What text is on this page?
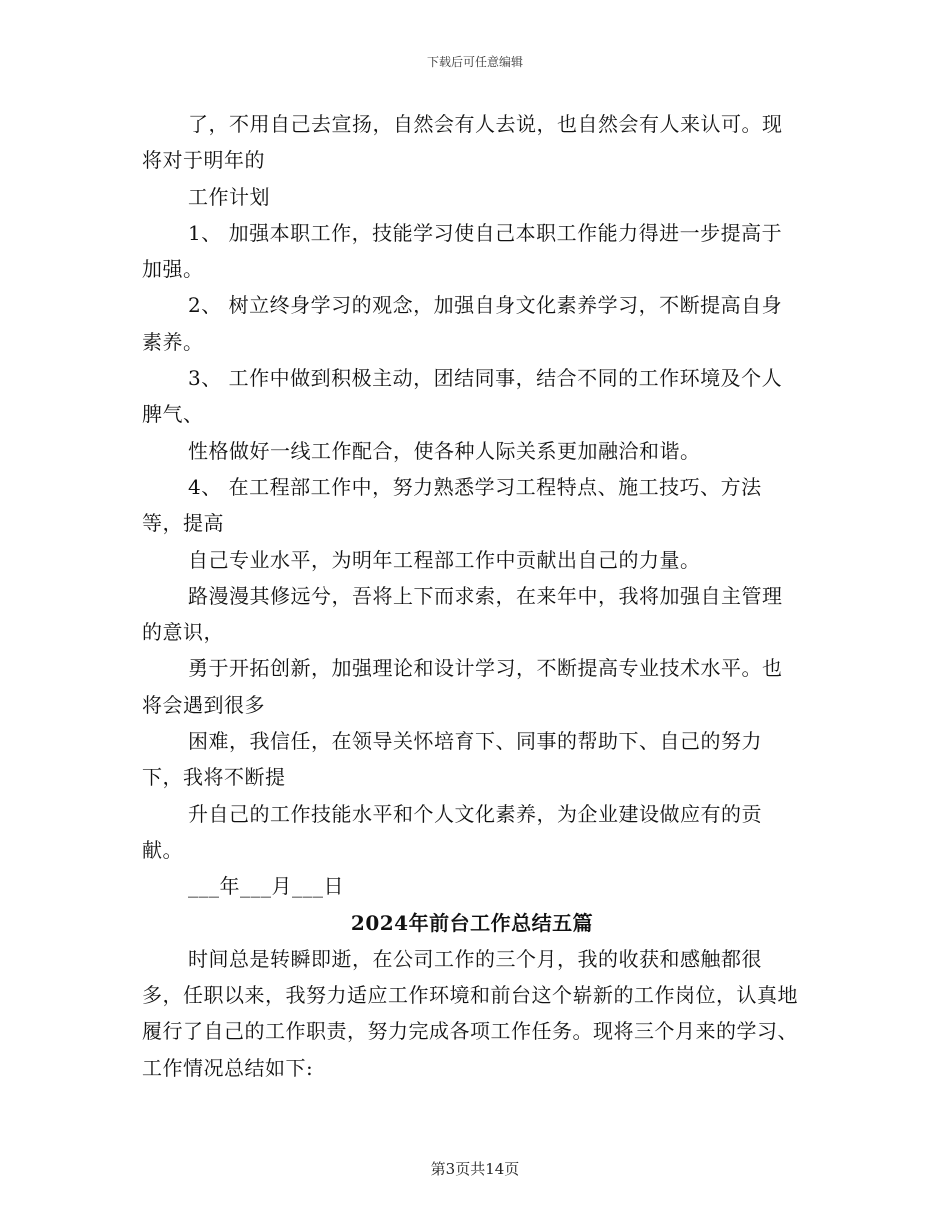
下载后可任意编辑

了，不用自己去宣扬，自然会有人去说，也自然会有人来认可。现将对于明年的

工作计划

1、 加强本职工作，技能学习使自己本职工作能力得进一步提高于加强。

2、 树立终身学习的观念，加强自身文化素养学习，不断提高自身素养。

3、 工作中做到积极主动，团结同事，结合不同的工作环境及个人脾气、

性格做好一线工作配合，使各种人际关系更加融洽和谐。

4、 在工程部工作中，努力熟悉学习工程特点、施工技巧、方法等，提高

自己专业水平，为明年工程部工作中贡献出自己的力量。

路漫漫其修远兮，吾将上下而求索，在来年中，我将加强自主管理的意识，

勇于开拓创新，加强理论和设计学习，不断提高专业技术水平。也将会遇到很多

困难，我信任，在领导关怀培育下、同事的帮助下、自己的努力下，我将不断提

升自己的工作技能水平和个人文化素养，为企业建设做应有的贡献。

___年___月___日

2024年前台工作总结五篇

时间总是转瞬即逝，在公司工作的三个月，我的收获和感触都很多，任职以来，我努力适应工作环境和前台这个崭新的工作岗位，认真地履行了自己的工作职责，努力完成各项工作任务。现将三个月来的学习、工作情况总结如下:

第3页共14页
